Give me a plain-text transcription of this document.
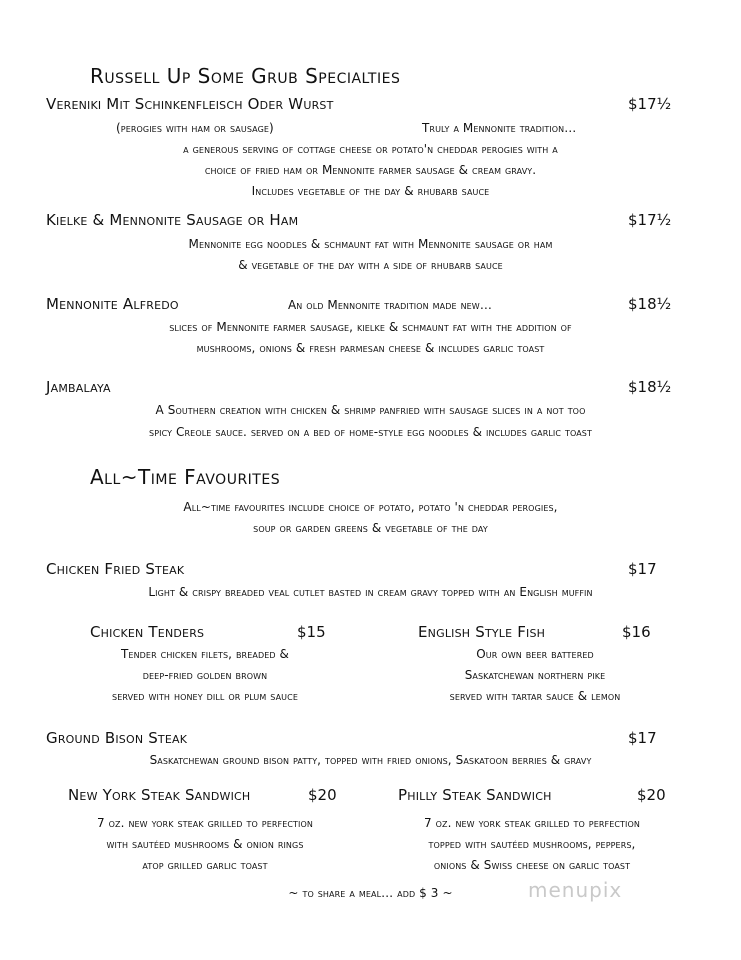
Russell Up Some Grub Specialties
Vereniki Mit Schinkenfleisch Oder Wurst	$17½
(perogies with ham or sausage)	Truly a Mennonite tradition…
a generous serving of cottage cheese or potato'n cheddar perogies with a
choice of fried ham or Mennonite farmer sausage & cream gravy.
Includes vegetable of the day & rhubarb sauce
Kielke & Mennonite Sausage or Ham	$17½
Mennonite egg noodles & schmaunt fat with Mennonite sausage or ham
& vegetable of the day with a side of rhubarb sauce
Mennonite Alfredo	An old Mennonite tradition made new…	$18½
slices of Mennonite farmer sausage, kielke & schmaunt fat with the addition of
mushrooms, onions & fresh parmesan cheese & includes garlic toast
Jambalaya	$18½
A Southern creation with chicken & shrimp panfried with sausage slices in a not too
spicy Creole sauce. served on a bed of home-style egg noodles & includes garlic toast
All~Time Favourites
All~time favourites include choice of potato, potato 'n cheddar perogies,
soup or garden greens & vegetable of the day
Chicken Fried Steak	$17
Light & crispy breaded veal cutlet basted in cream gravy topped with an English muffin
Chicken Tenders	$15
Tender chicken filets, breaded &
deep-fried golden brown
served with honey dill or plum sauce
English Style Fish	$16
Our own beer battered
Saskatchewan northern pike
served with tartar sauce & lemon
Ground Bison Steak	$17
Saskatchewan ground bison patty, topped with fried onions, Saskatoon berries & gravy
New York Steak Sandwich	$20
7 oz. new york steak grilled to perfection
with sautéed mushrooms & onion rings
atop grilled garlic toast
Philly Steak Sandwich	$20
7 oz. new york steak grilled to perfection
topped with sautéed mushrooms, peppers,
onions & Swiss cheese on garlic toast
~ to share a meal… add $ 3 ~	menupix
